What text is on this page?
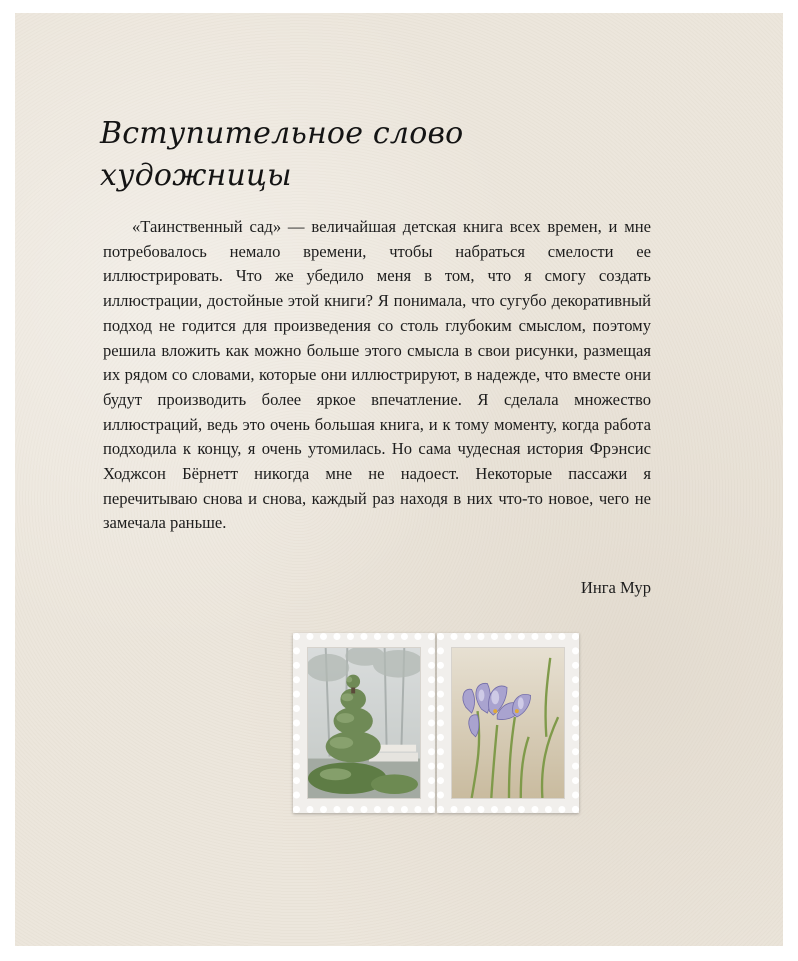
Вступительное слово художницы

«Таинственный сад» — величайшая детская книга всех времен, и мне потребовалось немало времени, чтобы набраться смелости ее иллюстрировать. Что же убедило меня в том, что я смогу создать иллюстрации, достойные этой книги? Я понимала, что сугубо декоративный подход не годится для произведения со столь глубоким смыслом, поэтому решила вложить как можно больше этого смысла в свои рисунки, размещая их рядом со словами, которые они иллюстрируют, в надежде, что вместе они будут производить более яркое впечатление. Я сделала множество иллюстраций, ведь это очень большая книга, и к тому моменту, когда работа подходила к концу, я очень утомилась. Но сама чудесная история Фрэнсис Ходжсон Бёрнетт никогда мне не надоест. Некоторые пассажи я перечитываю снова и снова, каждый раз находя в них что-то новое, чего не замечала раньше.

Инга Мур
